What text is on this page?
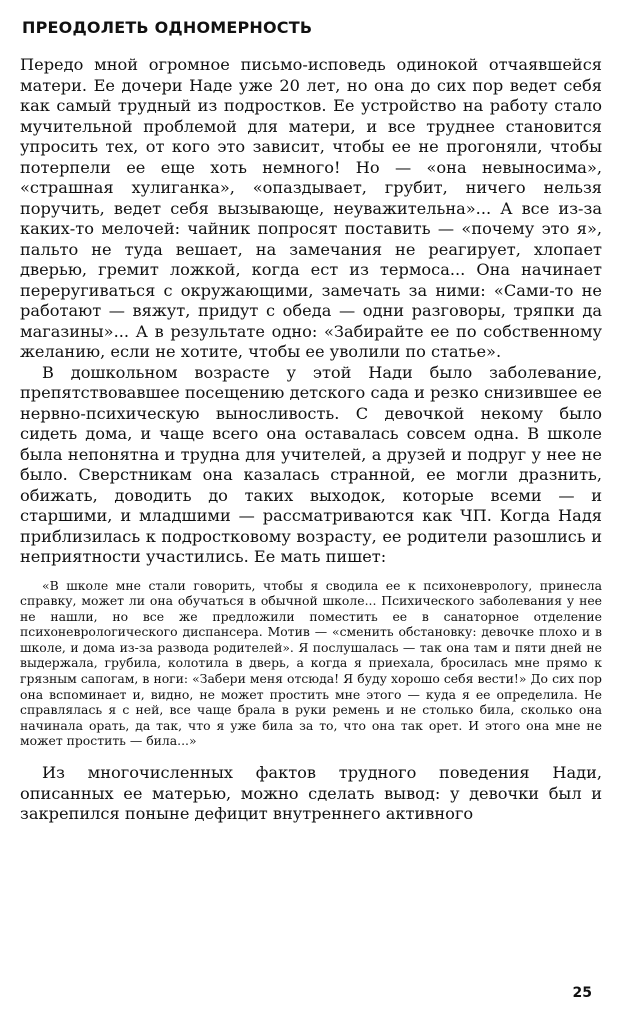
ПРЕОДОЛЕТЬ ОДНОМЕРНОСТЬ

Передо мной огромное письмо-исповедь одинокой отчаявшейся матери. Ее дочери Наде уже 20 лет, но она до сих пор ведет себя как самый трудный из подростков. Ее устройство на работу стало мучительной проблемой для матери, и все труднее становится упросить тех, от кого это зависит, чтобы ее не прогоняли, чтобы потерпели ее еще хоть немного! Но — «она невыносима», «страшная хулиганка», «опаздывает, грубит, ничего нельзя поручить, ведет себя вызывающе, неуважительна»... А все из-за каких-то мелочей: чайник попросят поставить — «почему это я», пальто не туда вешает, на замечания не реагирует, хлопает дверью, гремит ложкой, когда ест из термоса... Она начинает переругиваться с окружающими, замечать за ними: «Сами-то не работают — вяжут, придут с обеда — одни разговоры, тряпки да магазины»... А в результате одно: «Забирайте ее по собственному желанию, если не хотите, чтобы ее уволили по статье».

В дошкольном возрасте у этой Нади было заболевание, препятствовавшее посещению детского сада и резко снизившее ее нервно-психическую выносливость. С девочкой некому было сидеть дома, и чаще всего она оставалась совсем одна. В школе была непонятна и трудна для учителей, а друзей и подруг у нее не было. Сверстникам она казалась странной, ее могли дразнить, обижать, доводить до таких выходок, которые всеми — и старшими, и младшими — рассматриваются как ЧП. Когда Надя приблизилась к подростковому возрасту, ее родители разошлись и неприятности участились. Ее мать пишет:

«В школе мне стали говорить, чтобы я сводила ее к психоневрологу, принесла справку, может ли она обучаться в обычной школе... Психического заболевания у нее не нашли, но все же предложили поместить ее в санаторное отделение психоневрологического диспансера. Мотив — «сменить обстановку: девочке плохо и в школе, и дома из-за развода родителей». Я послушалась — так она там и пяти дней не выдержала, грубила, колотила в дверь, а когда я приехала, бросилась мне прямо к грязным сапогам, в ноги: «Забери меня отсюда! Я буду хорошо себя вести!» До сих пор она вспоминает и, видно, не может простить мне этого — куда я ее определила. Не справлялась я с ней, все чаще брала в руки ремень и не столько била, сколько она начинала орать, да так, что я уже била за то, что она так орет. И этого она мне не может простить — била...»

Из многочисленных фактов трудного поведения Нади, описанных ее матерью, можно сделать вывод: у девочки был и закрепился поныне дефицит внутреннего активного

25
